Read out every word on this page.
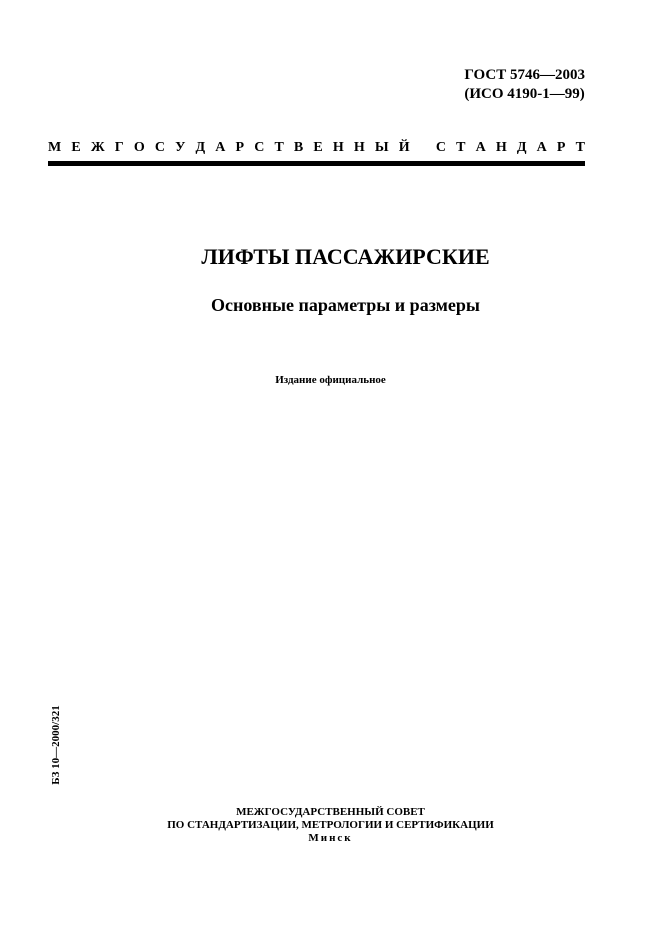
ГОСТ 5746—2003
(ИСО 4190-1—99)
М Е Ж Г О С У Д А Р С Т В Е Н Н Ы Й С Т А Н Д А Р Т
ЛИФТЫ ПАССАЖИРСКИЕ
Основные параметры и размеры
Издание официальное
БЗ 10—2000/321
МЕЖГОСУДАРСТВЕННЫЙ СОВЕТ
ПО СТАНДАРТИЗАЦИИ, МЕТРОЛОГИИ И СЕРТИФИКАЦИИ
Минск
